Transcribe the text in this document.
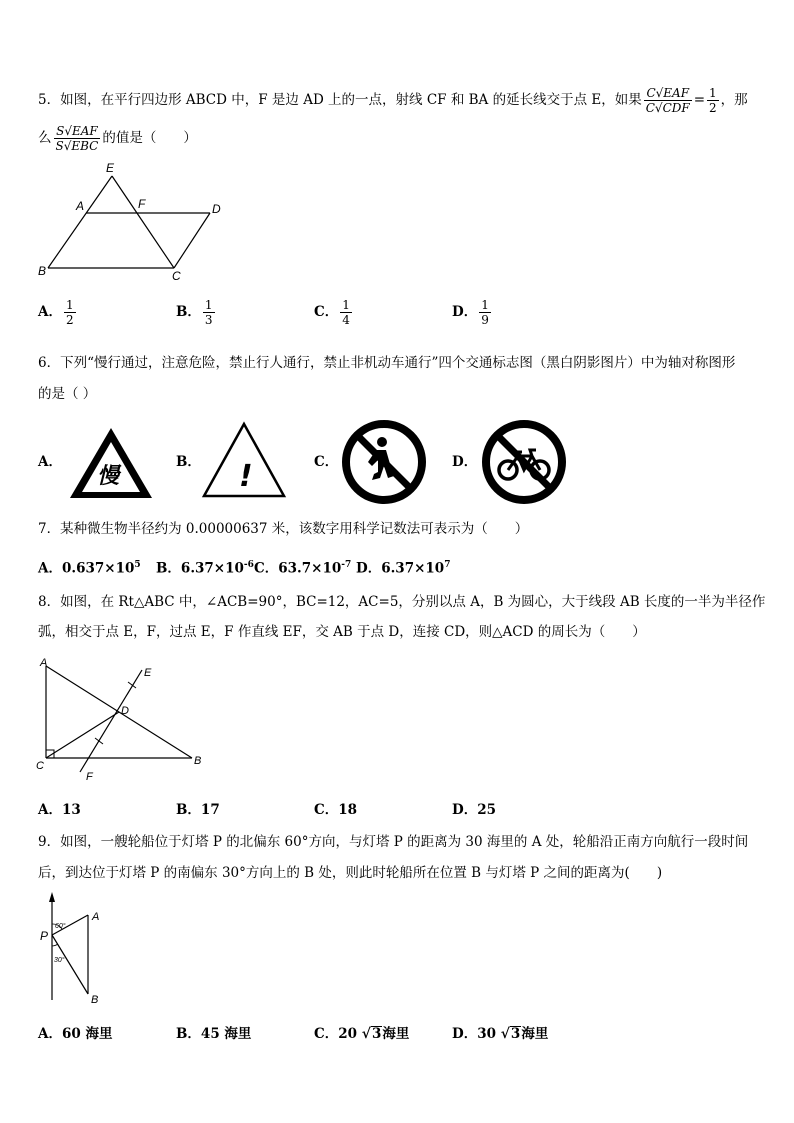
5．如图，在平行四边形 ABCD 中，F 是边 AD 上的一点，射线 CF 和 BA 的延长线交于点 E，如果 $\frac{\text{C√EAF}}{\text{C√CDF}} = \frac{1}{2}$ ，那
么 $\frac{\text{S√EAF}}{\text{S√EBC}}$ 的值是（　　）
E
A	F	D
B	C
A． $\frac{1}{2}$	B． $\frac{1}{3}$	C． $\frac{1}{4}$	D． $\frac{1}{9}$
6．下列“慢行通过，注意危险，禁止行人通行，禁止非机动车通行”四个交通标志图（黑白阴影图片）中为轴对称图形
的是（ ）
A．
慢
B． !	C．	D．
7．某种微生物半径约为 0.00000637 米，该数字用科学记数法可表示为（　　）
A．$0.637\times 10^5$ B．$6.37\times 10^{-6}$ C．$63.7\times 10^{-7}$ D．$6.37\times 10^7$
8．如图，在 Rt△ABC 中，∠ACB=90°，BC=12，AC=5，分别以点 A，B 为圆心，大于线段 AB 长度的一半为半径作
弧，相交于点 E，F，过点 E，F 作直线 EF，交 AB 于点 D，连接 CD，则△ACD 的周长为（　　）
A
E
D
C
F
B
A．13	B．17	C．18	D．25
9．如图，一艘轮船位于灯塔 P 的北偏东 60°方向，与灯塔 P 的距离为 30 海里的 A 处，轮船沿正南方向航行一段时间
后，到达位于灯塔 P 的南偏东 30°方向上的 B 处，则此时轮船所在位置 B 与灯塔 P 之间的距离为(　　)
P
A
B
60°
30°
A．60 海里	B．45 海里	C．20 √3海里	D．30 √3海里
